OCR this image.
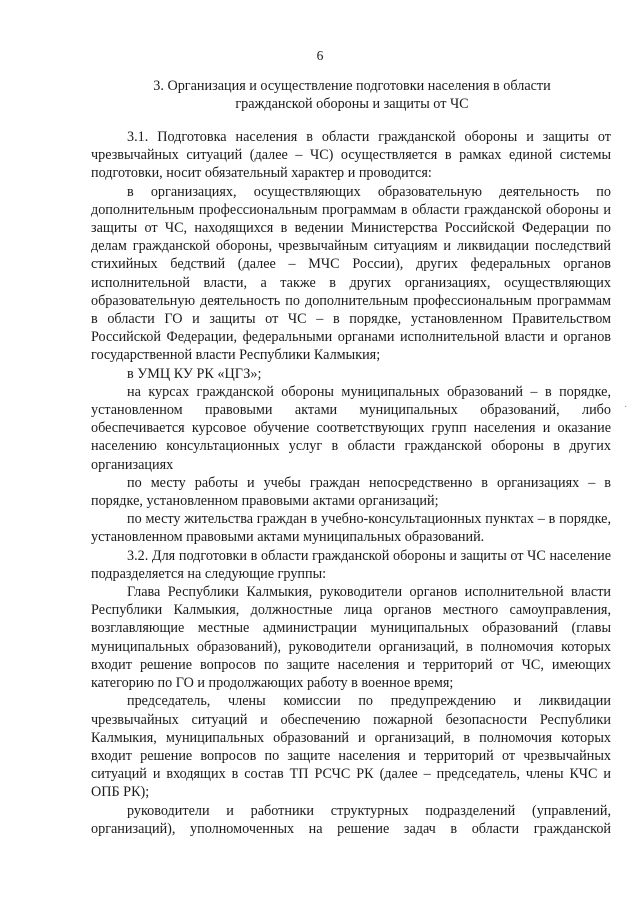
6
3. Организация и осуществление подготовки населения в области
гражданской обороны и защиты от ЧС

3.1. Подготовка населения в области гражданской обороны и защиты от чрезвычайных ситуаций (далее – ЧС) осуществляется в рамках единой системы подготовки, носит обязательный характер и проводится:

в организациях, осуществляющих образовательную деятельность по дополнительным профессиональным программам в области гражданской обороны и защиты от ЧС, находящихся в ведении Министерства Российской Федерации по делам гражданской обороны, чрезвычайным ситуациям и ликвидации последствий стихийных бедствий (далее – МЧС России), других федеральных органов исполнительной власти, а также в других организациях, осуществляющих образовательную деятельность по дополнительным профессиональным программам в области ГО и защиты от ЧС – в порядке, установленном Правительством Российской Федерации, федеральными органами исполнительной власти и органов государственной власти Республики Калмыкия;

в УМЦ КУ РК «ЦГЗ»;

на курсах гражданской обороны муниципальных образований – в порядке, установленном правовыми актами муниципальных образований, либо обеспечивается курсовое обучение соответствующих групп населения и оказание населению консультационных услуг в области гражданской обороны в других организациях

по месту работы и учебы граждан непосредственно в организациях – в порядке, установленном правовыми актами организаций;

по месту жительства граждан в учебно-консультационных пунктах – в порядке, установленном правовыми актами муниципальных образований.

3.2. Для подготовки в области гражданской обороны и защиты от ЧС население подразделяется на следующие группы:

Глава Республики Калмыкия, руководители органов исполнительной власти Республики Калмыкия, должностные лица органов местного самоуправления, возглавляющие местные администрации муниципальных образований (главы муниципальных образований), руководители организаций, в полномочия которых входит решение вопросов по защите населения и территорий от ЧС, имеющих категорию по ГО и продолжающих работу в военное время;

председатель, члены комиссии по предупреждению и ликвидации чрезвычайных ситуаций и обеспечению пожарной безопасности Республики Калмыкия, муниципальных образований и организаций, в полномочия которых входит решение вопросов по защите населения и территорий от чрезвычайных ситуаций и входящих в состав ТП РСЧС РК (далее – председатель, члены КЧС и ОПБ РК);

руководители и работники структурных подразделений (управлений, организаций), уполномоченных на решение задач в области гражданской

·
